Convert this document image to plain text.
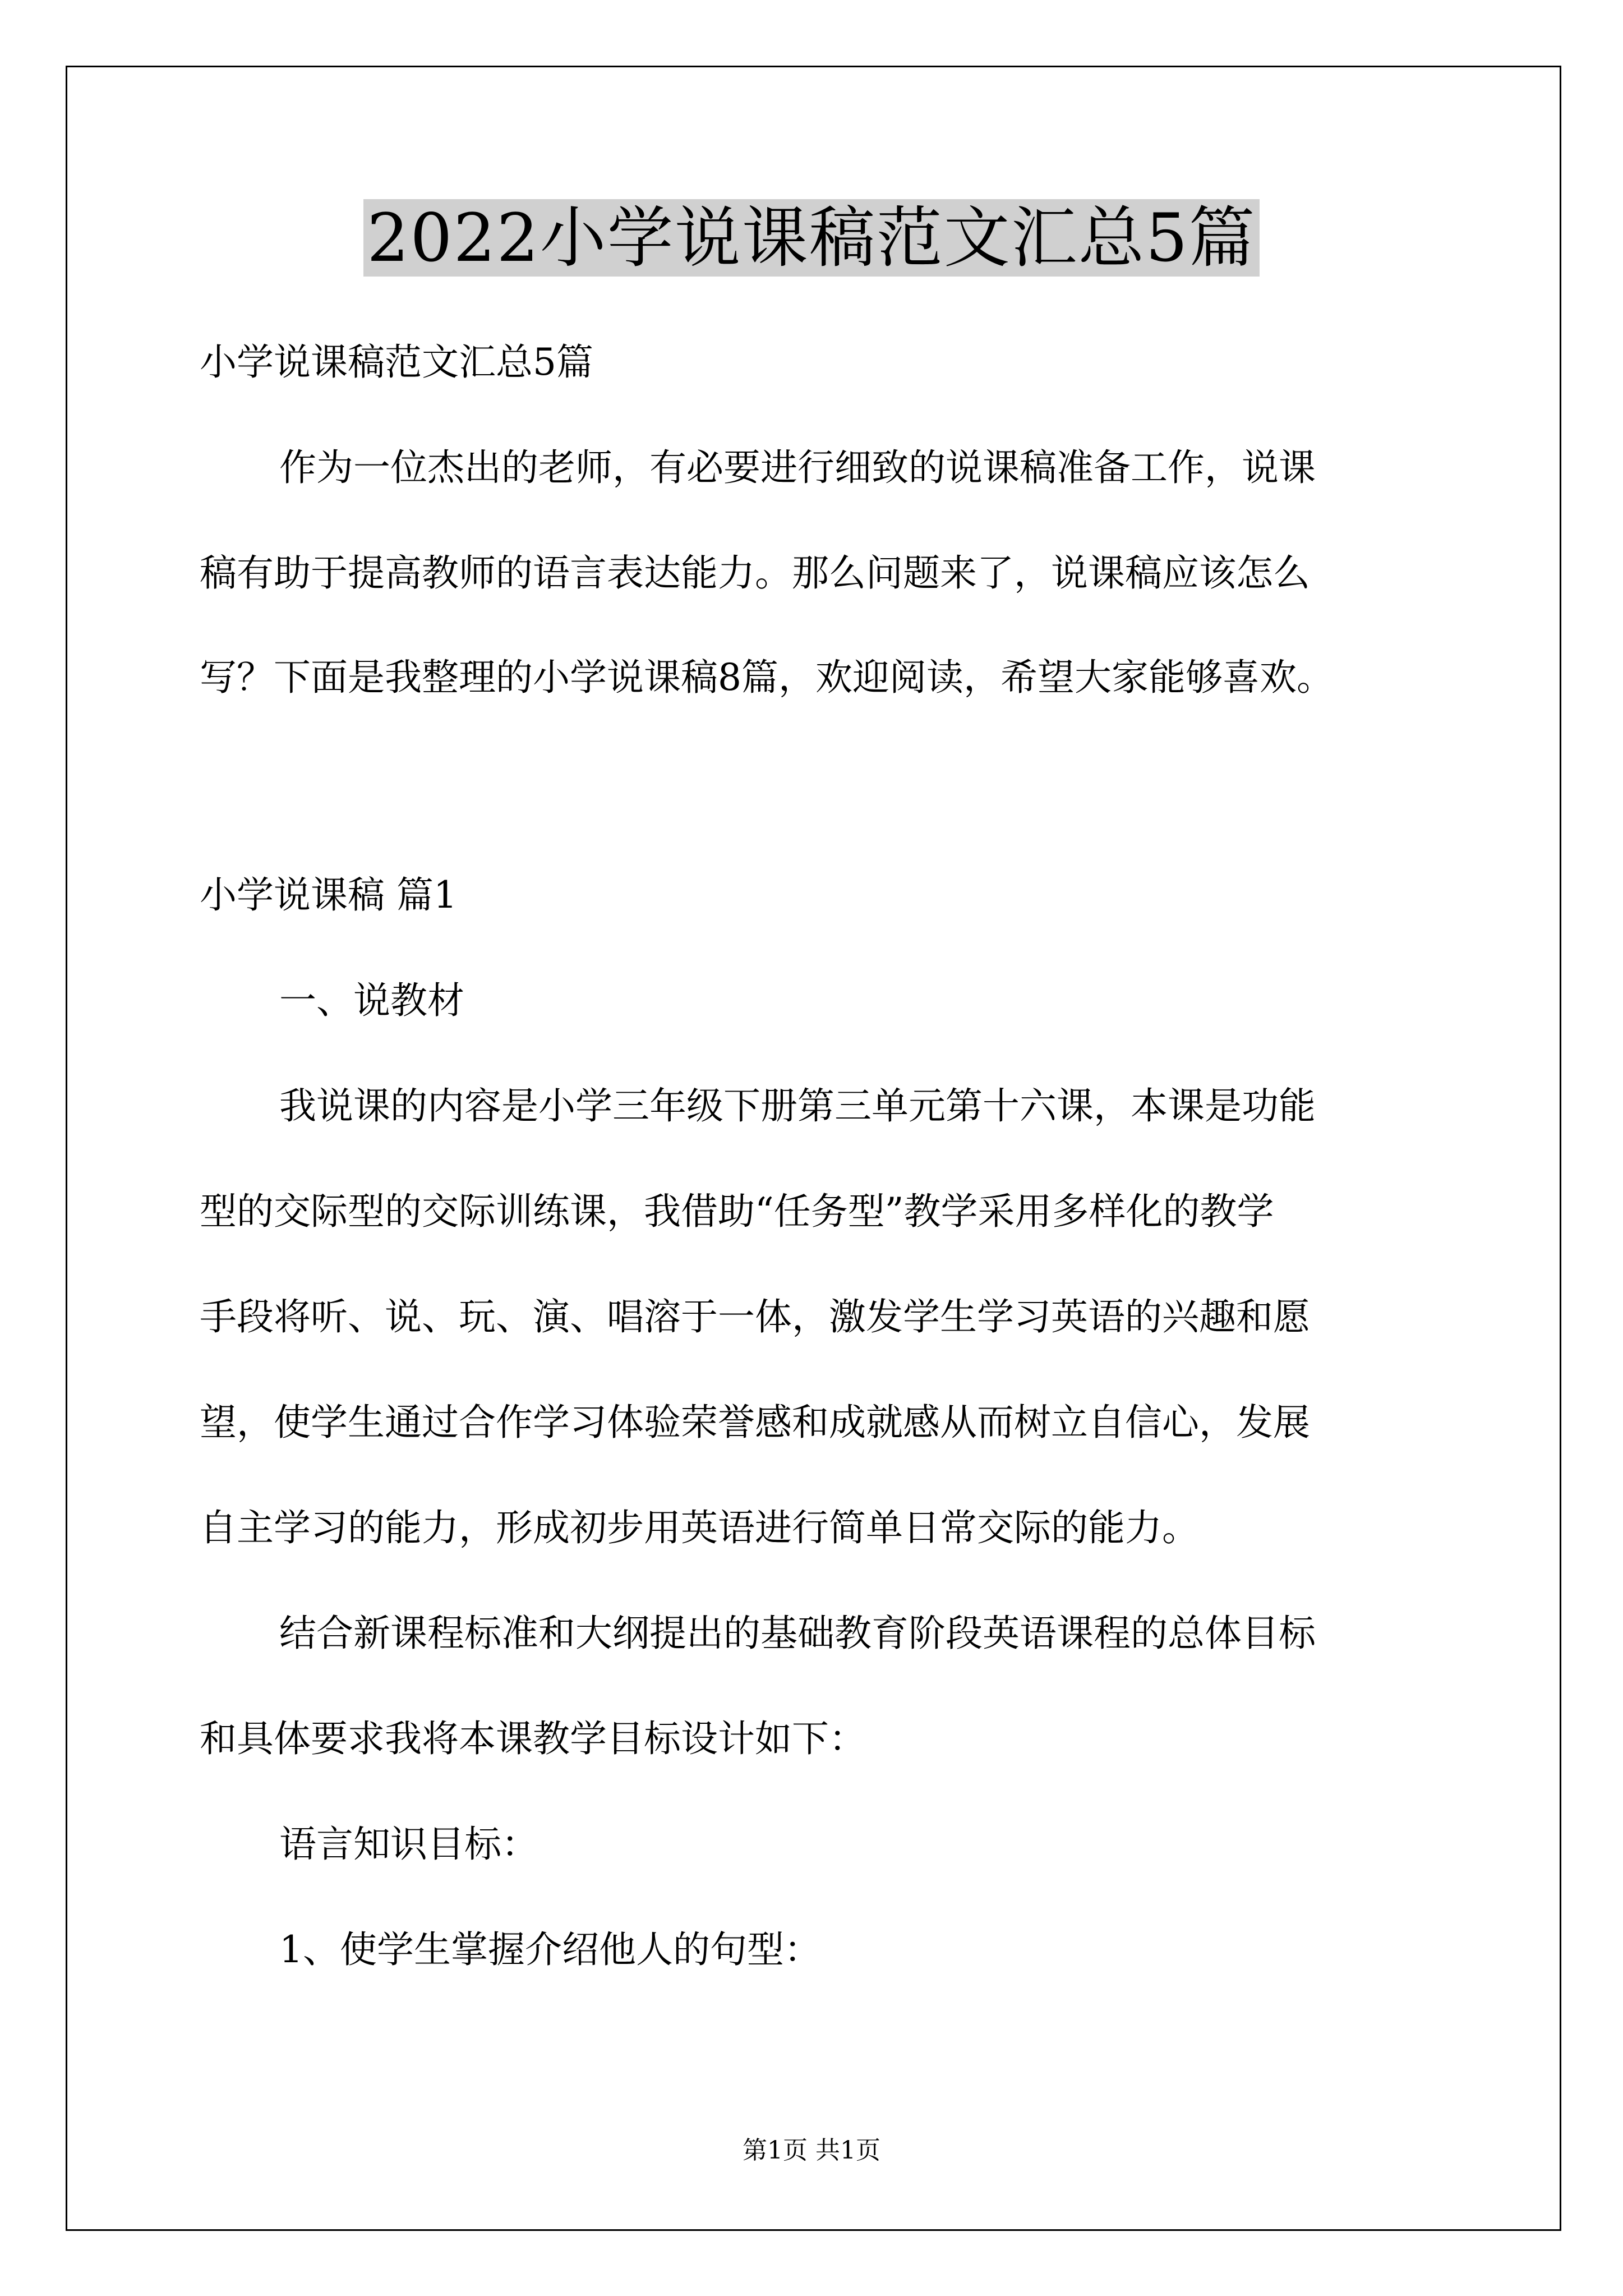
2022小学说课稿范文汇总5篇

小学说课稿范文汇总5篇

作为一位杰出的老师，有必要进行细致的说课稿准备工作，说课

稿有助于提高教师的语言表达能力。那么问题来了，说课稿应该怎么

写？下面是我整理的小学说课稿8篇，欢迎阅读，希望大家能够喜欢。

小学说课稿 篇1

一、说教材

我说课的内容是小学三年级下册第三单元第十六课，本课是功能

型的交际型的交际训练课，我借助“任务型”教学采用多样化的教学

手段将听、说、玩、演、唱溶于一体，激发学生学习英语的兴趣和愿

望，使学生通过合作学习体验荣誉感和成就感从而树立自信心，发展

自主学习的能力，形成初步用英语进行简单日常交际的能力。

结合新课程标准和大纲提出的基础教育阶段英语课程的总体目标

和具体要求我将本课教学目标设计如下：

语言知识目标：

1、使学生掌握介绍他人的句型：

第1页 共1页
